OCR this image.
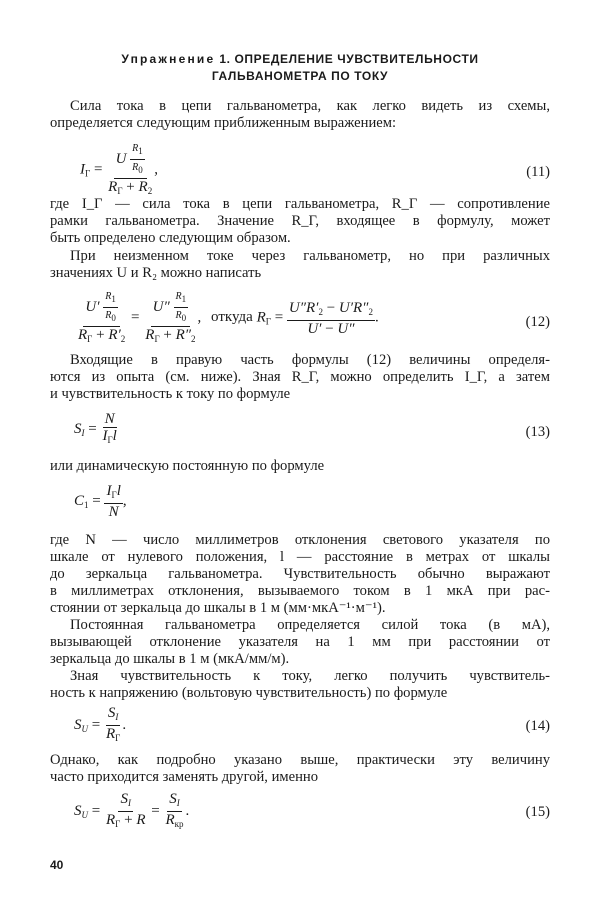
Упражнение 1. ОПРЕДЕЛЕНИЕ ЧУВСТВИТЕЛЬНОСТИ
ГАЛЬВАНОМЕТРА ПО ТОКУ
Сила тока в цепи гальванометра, как легко видеть из схемы,
определяется следующим приближенным выражением:
$I_Г = \frac{U \frac{R_1}{R_0}}{R_Г + R_2}$ ,	(11)
где I_Г — сила тока в цепи гальванометра, R_Г — сопротивление
рамки гальванометра. Значение R_Г, входящее в формулу, может
быть определено следующим образом.
При неизменном токе через гальванометр, но при различных
значениях U и R₂ можно написать
$\frac{U' \frac{R_1}{R_0}}{R_Г + R'_2} = \frac{U'' \frac{R_1}{R_0}}{R_Г + R''_2}$ , откуда $R_Г = \frac{U''R'_2 - U'R''_2}{U' - U''}$ .	(12)
Входящие в правую часть формулы (12) величины определя-
ются из опыта (см. ниже). Зная R_Г, можно определить I_Г, а затем
и чувствительность к току по формуле
$S_I = \frac{N}{I_Гl}$	(13)
или динамическую постоянную по формуле
$C_1 = \frac{I_Гl}{N}$ ,
где N — число миллиметров отклонения светового указателя по
шкале от нулевого положения, l — расстояние в метрах от шкалы
до зеркальца гальванометра. Чувствительность обычно выражают
в миллиметрах отклонения, вызываемого током в 1 мкА при рас-
стоянии от зеркальца до шкалы в 1 м (мм·мкА⁻¹·м⁻¹).
Постоянная гальванометра определяется силой тока (в мА),
вызывающей отклонение указателя на 1 мм при расстоянии от
зеркальца до шкалы в 1 м (мкА/мм/м).
Зная чувствительность к току, легко получить чувствитель-
ность к напряжению (вольтовую чувствительность) по формуле
$S_U = \frac{S_I}{R_Г}$ .	(14)
Однако, как подробно указано выше, практически эту величину
часто приходится заменять другой, именно
$S_U = \frac{S_I}{R_Г + R} = \frac{S_I}{R_{кр}}$ .	(15)
40
